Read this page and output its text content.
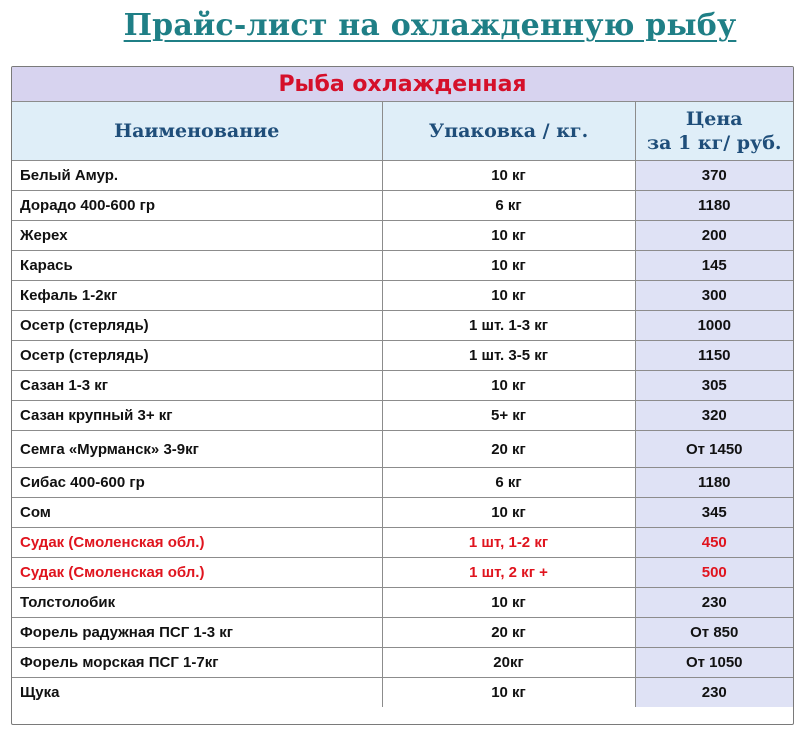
Прайс-лист на охлажденную рыбу
Рыба охлажденная		
Наименование	Упаковка / кг.	Цена
за 1 кг/ руб.

Белый Амур.	10 кг	370
Дорадо 400-600 гр	6 кг	1180
Жерех	10 кг	200
Карась	10 кг	145
Кефаль 1-2кг	10 кг	300
Осетр (стерлядь)	1 шт. 1-3 кг	1000
Осетр (стерлядь)	1 шт. 3-5 кг	1150
Сазан 1-3 кг	10 кг	305
Сазан крупный 3+ кг	5+ кг	320
Семга «Мурманск» 3-9кг	20 кг	От 1450
Сибас 400-600 гр	6 кг	1180
Сом	10 кг	345
Судак (Смоленская обл.)	1 шт, 1-2 кг	450
Судак (Смоленская обл.)	1 шт, 2 кг +	500
Толстолобик	10 кг	230
Форель радужная ПСГ 1-3 кг	20 кг	От 850
Форель морская ПСГ 1-7кг	20кг	От 1050
Щука	10 кг	230
